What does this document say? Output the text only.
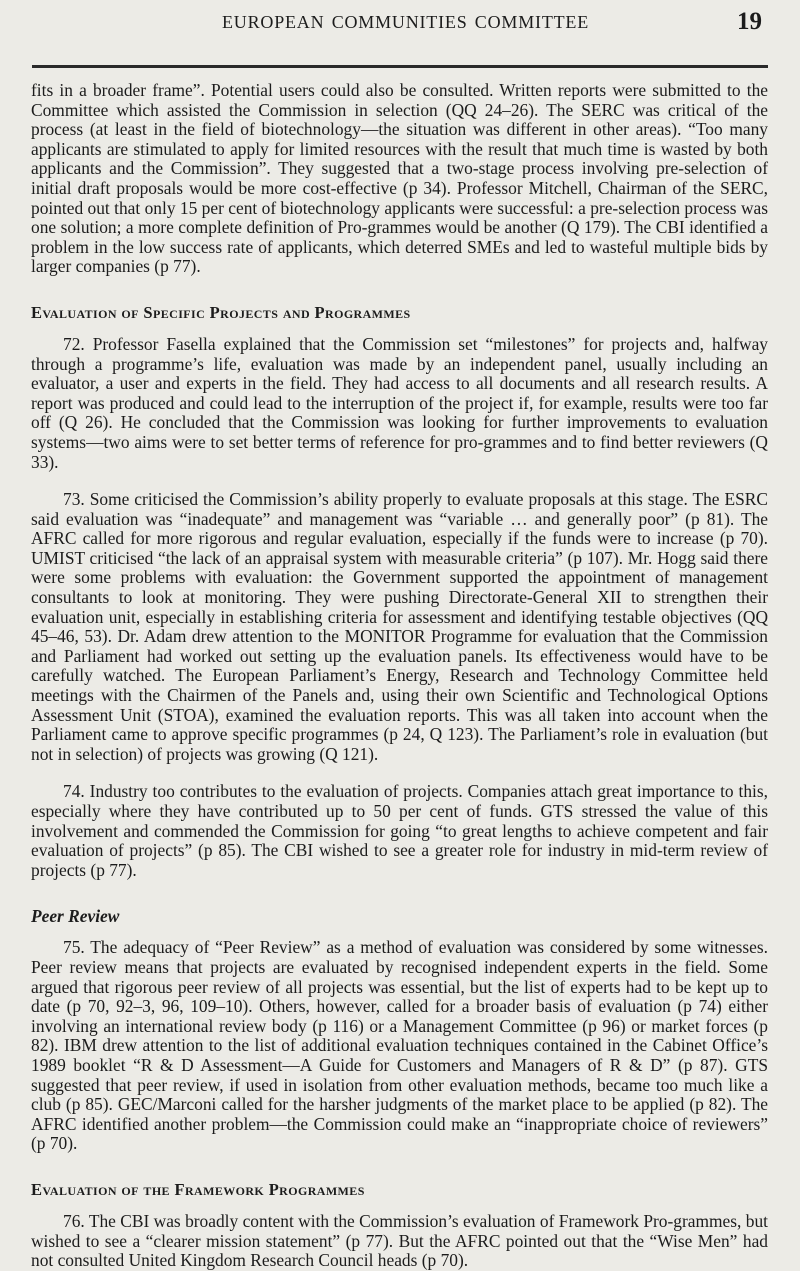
EUROPEAN COMMUNITIES COMMITTEE	19

fits in a broader frame”. Potential users could also be consulted. Written reports were submitted to the Committee which assisted the Commission in selection (QQ 24–26). The SERC was critical of the process (at least in the field of biotechnology—the situation was different in other areas). “Too many applicants are stimulated to apply for limited resources with the result that much time is wasted by both applicants and the Commission”. They suggested that a two-stage process involving pre-selection of initial draft proposals would be more cost-effective (p 34). Professor Mitchell, Chairman of the SERC, pointed out that only 15 per cent of biotechnology applicants were successful: a pre-selection process was one solution; a more complete definition of Pro-grammes would be another (Q 179). The CBI identified a problem in the low success rate of applicants, which deterred SMEs and led to wasteful multiple bids by larger companies (p 77).

Evaluation of Specific Projects and Programmes

72. Professor Fasella explained that the Commission set “milestones” for projects and, halfway through a programme’s life, evaluation was made by an independent panel, usually including an evaluator, a user and experts in the field. They had access to all documents and all research results. A report was produced and could lead to the interruption of the project if, for example, results were too far off (Q 26). He concluded that the Commission was looking for further improvements to evaluation systems—two aims were to set better terms of reference for pro-grammes and to find better reviewers (Q 33).

73. Some criticised the Commission’s ability properly to evaluate proposals at this stage. The ESRC said evaluation was “inadequate” and management was “variable … and generally poor” (p 81). The AFRC called for more rigorous and regular evaluation, especially if the funds were to increase (p 70). UMIST criticised “the lack of an appraisal system with measurable criteria” (p 107). Mr. Hogg said there were some problems with evaluation: the Government supported the appointment of management consultants to look at monitoring. They were pushing Directorate-General XII to strengthen their evaluation unit, especially in establishing criteria for assessment and identifying testable objectives (QQ 45–46, 53). Dr. Adam drew attention to the MONITOR Programme for evaluation that the Commission and Parliament had worked out setting up the evaluation panels. Its effectiveness would have to be carefully watched. The European Parliament’s Energy, Research and Technology Committee held meetings with the Chairmen of the Panels and, using their own Scientific and Technological Options Assessment Unit (STOA), examined the evaluation reports. This was all taken into account when the Parliament came to approve specific programmes (p 24, Q 123). The Parliament’s role in evaluation (but not in selection) of projects was growing (Q 121).

74. Industry too contributes to the evaluation of projects. Companies attach great importance to this, especially where they have contributed up to 50 per cent of funds. GTS stressed the value of this involvement and commended the Commission for going “to great lengths to achieve competent and fair evaluation of projects” (p 85). The CBI wished to see a greater role for industry in mid-term review of projects (p 77).

Peer Review

75. The adequacy of “Peer Review” as a method of evaluation was considered by some witnesses. Peer review means that projects are evaluated by recognised independent experts in the field. Some argued that rigorous peer review of all projects was essential, but the list of experts had to be kept up to date (p 70, 92–3, 96, 109–10). Others, however, called for a broader basis of evaluation (p 74) either involving an international review body (p 116) or a Management Committee (p 96) or market forces (p 82). IBM drew attention to the list of additional evaluation techniques contained in the Cabinet Office’s 1989 booklet “R & D Assessment—A Guide for Customers and Managers of R & D” (p 87). GTS suggested that peer review, if used in isolation from other evaluation methods, became too much like a club (p 85). GEC/Marconi called for the harsher judgments of the market place to be applied (p 82). The AFRC identified another problem—the Commission could make an “inappropriate choice of reviewers” (p 70).

Evaluation of the Framework Programmes

76. The CBI was broadly content with the Commission’s evaluation of Framework Pro-grammes, but wished to see a “clearer mission statement” (p 77). But the AFRC pointed out that the “Wise Men” had not consulted United Kingdom Research Council heads (p 70).
